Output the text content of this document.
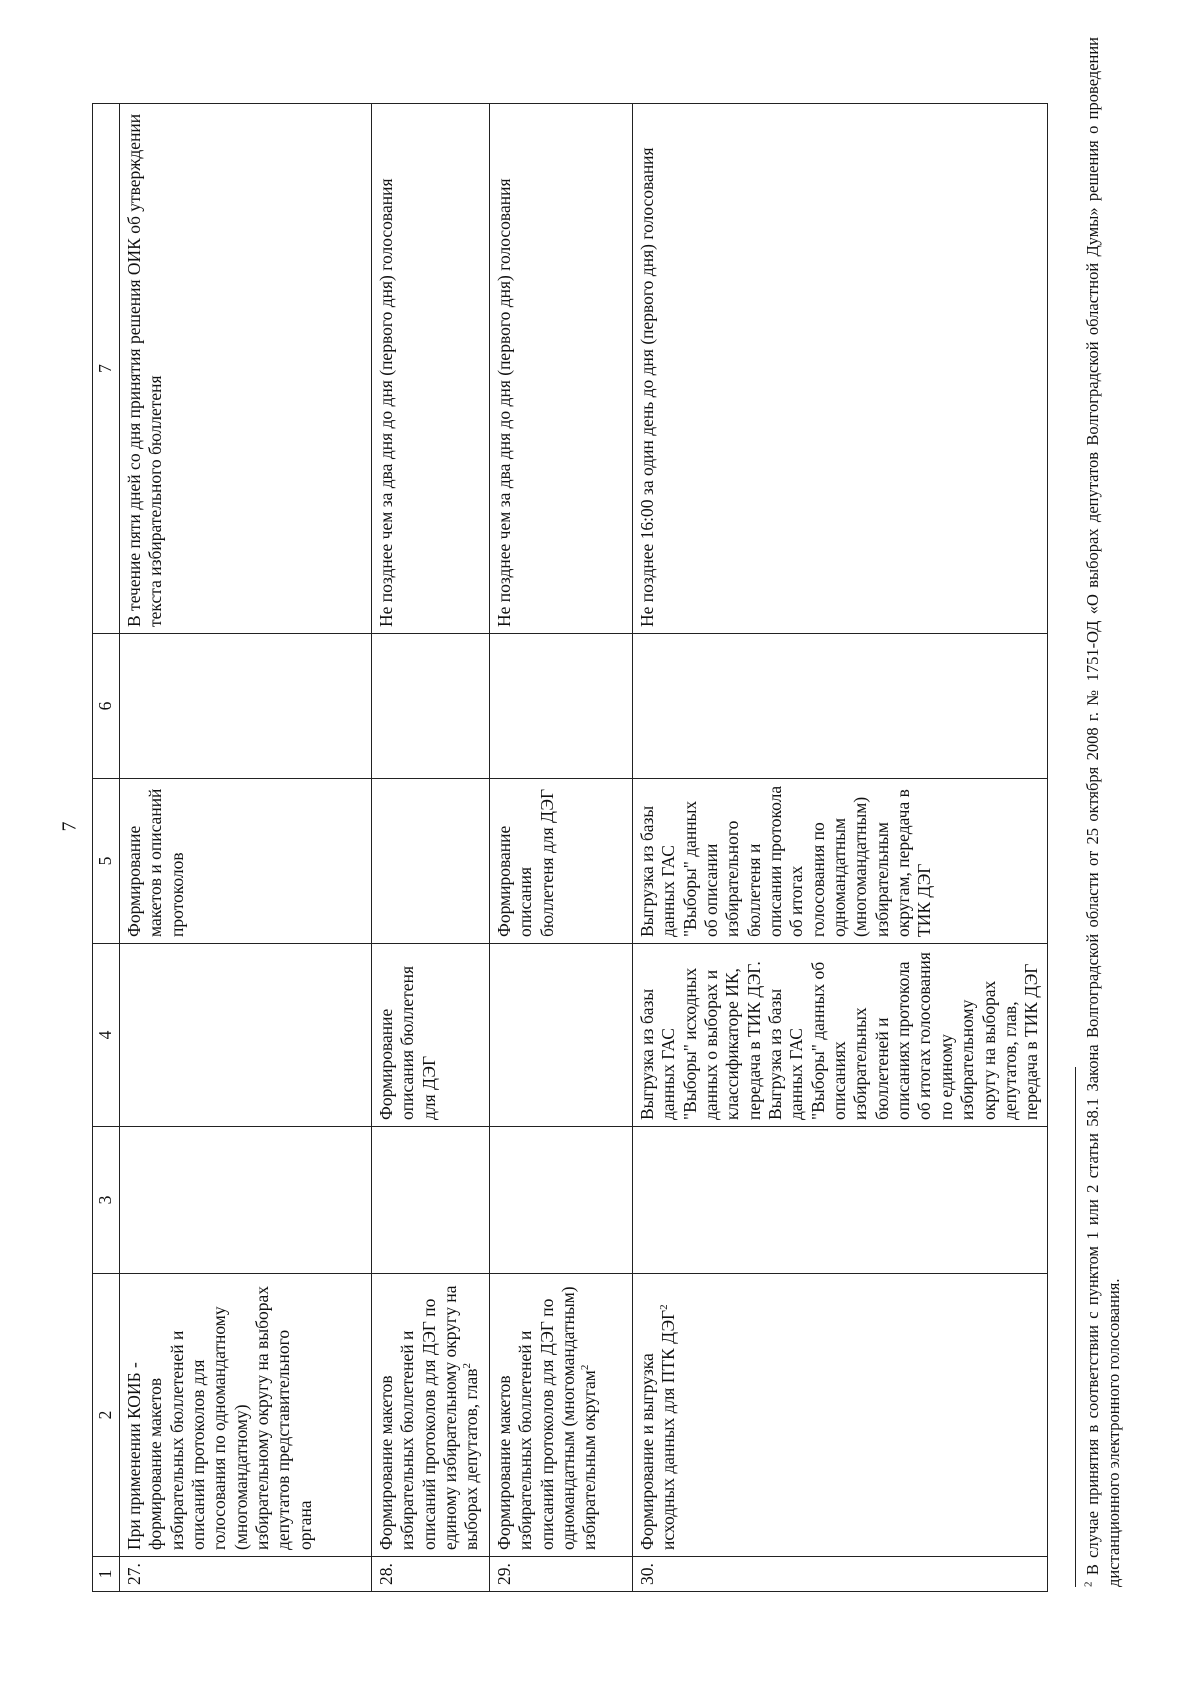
7
1	2	3	4	5	6	7
27.	При применении КОИБ - формирование макетов избирательных бюллетеней и описаний протоколов для голосования по одномандатному (многомандатному) избирательному округу на выборах депутатов представительного органа			Формирование макетов и описаний протоколов		В течение пяти дней со дня принятия решения ОИК об утверждении текста избирательного бюллетеня
28.	Формирование макетов избирательных бюллетеней и описаний протоколов для ДЭГ по единому избирательному округу на выборах депутатов, глав$^2$		Формирование описания бюллетеня для ДЭГ			Не позднее чем за два дня до дня (первого дня) голосования
29.	Формирование макетов избирательных бюллетеней и описаний протоколов для ДЭГ по одномандатным (многомандатным) избирательным округам$^2$			Формирование описания бюллетеня для ДЭГ		Не позднее чем за два дня до дня (первого дня) голосования
30.	Формирование и выгрузка исходных данных для ПТК ДЭГ$^2$		Выгрузка из базы данных ГАС "Выборы" исходных данных о выборах и классификаторе ИК, передача в ТИК ДЭГ. Выгрузка из базы данных ГАС "Выборы" данных об описаниях избирательных бюллетеней и описаниях протокола об итогах голосования по единому избирательному округу на выборах депутатов, глав, передача в ТИК ДЭГ	Выгрузка из базы данных ГАС "Выборы" данных об описании избирательного бюллетеня и описании протокола об итогах голосования по одномандатным (многомандатным) избирательным округам, передача в ТИК ДЭГ		Не позднее 16:00 за один день до дня (первого дня) голосования
$^2$ В случае принятия в соответствии с пунктом 1 или 2 статьи 58.1 Закона Волгоградской области от 25 октября 2008 г. № 1751-ОД «О выборах депутатов Волгоградской областной Думы» решения о проведении дистанционного электронного голосования.
